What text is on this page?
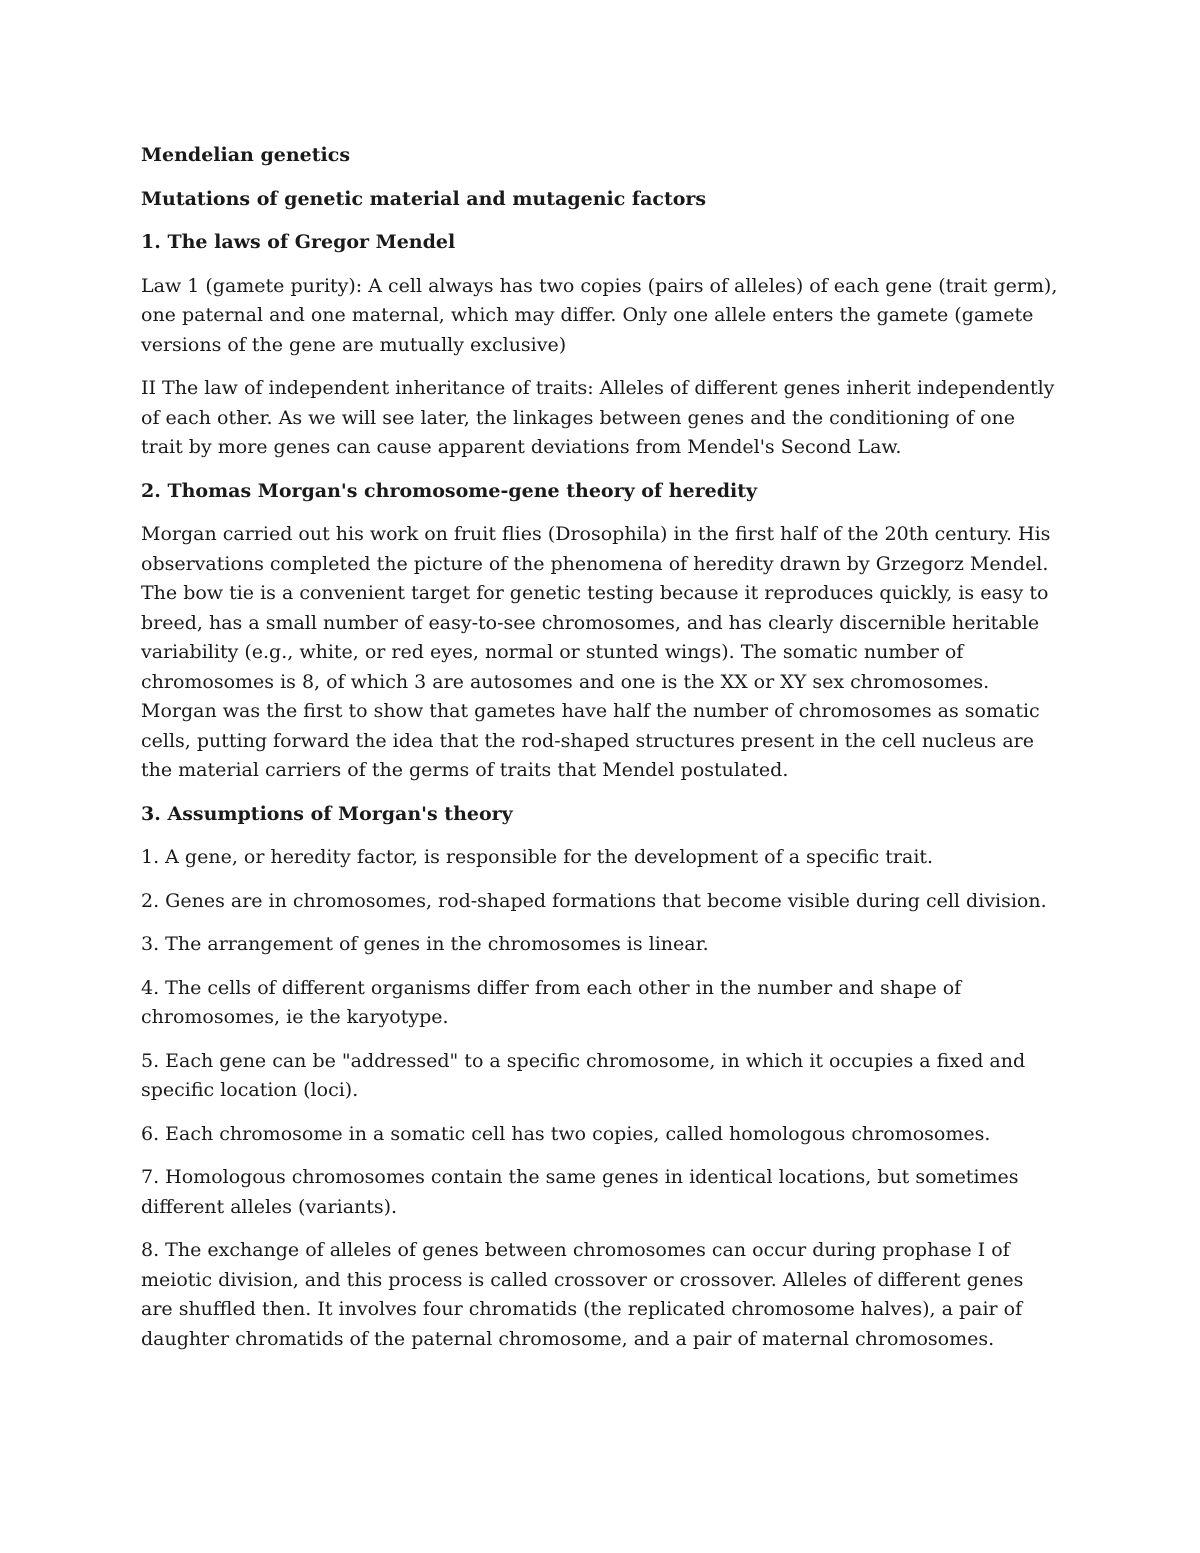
Mendelian genetics

Mutations of genetic material and mutagenic factors

1. The laws of Gregor Mendel

Law 1 (gamete purity): A cell always has two copies (pairs of alleles) of each gene (trait germ), one paternal and one maternal, which may differ. Only one allele enters the gamete (gamete versions of the gene are mutually exclusive)

II The law of independent inheritance of traits: Alleles of different genes inherit independently of each other. As we will see later, the linkages between genes and the conditioning of one trait by more genes can cause apparent deviations from Mendel's Second Law.

2. Thomas Morgan's chromosome-gene theory of heredity

Morgan carried out his work on fruit flies (Drosophila) in the first half of the 20th century. His observations completed the picture of the phenomena of heredity drawn by Grzegorz Mendel. The bow tie is a convenient target for genetic testing because it reproduces quickly, is easy to breed, has a small number of easy-to-see chromosomes, and has clearly discernible heritable variability (e.g., white, or red eyes, normal or stunted wings). The somatic number of chromosomes is 8, of which 3 are autosomes and one is the XX or XY sex chromosomes. Morgan was the first to show that gametes have half the number of chromosomes as somatic cells, putting forward the idea that the rod-shaped structures present in the cell nucleus are the material carriers of the germs of traits that Mendel postulated.

3. Assumptions of Morgan's theory

1. A gene, or heredity factor, is responsible for the development of a specific trait.

2. Genes are in chromosomes, rod-shaped formations that become visible during cell division.

3. The arrangement of genes in the chromosomes is linear.

4. The cells of different organisms differ from each other in the number and shape of chromosomes, ie the karyotype.

5. Each gene can be "addressed" to a specific chromosome, in which it occupies a fixed and specific location (loci).

6. Each chromosome in a somatic cell has two copies, called homologous chromosomes.

7. Homologous chromosomes contain the same genes in identical locations, but sometimes different alleles (variants).

8. The exchange of alleles of genes between chromosomes can occur during prophase I of meiotic division, and this process is called crossover or crossover. Alleles of different genes are shuffled then. It involves four chromatids (the replicated chromosome halves), a pair of daughter chromatids of the paternal chromosome, and a pair of maternal chromosomes.
